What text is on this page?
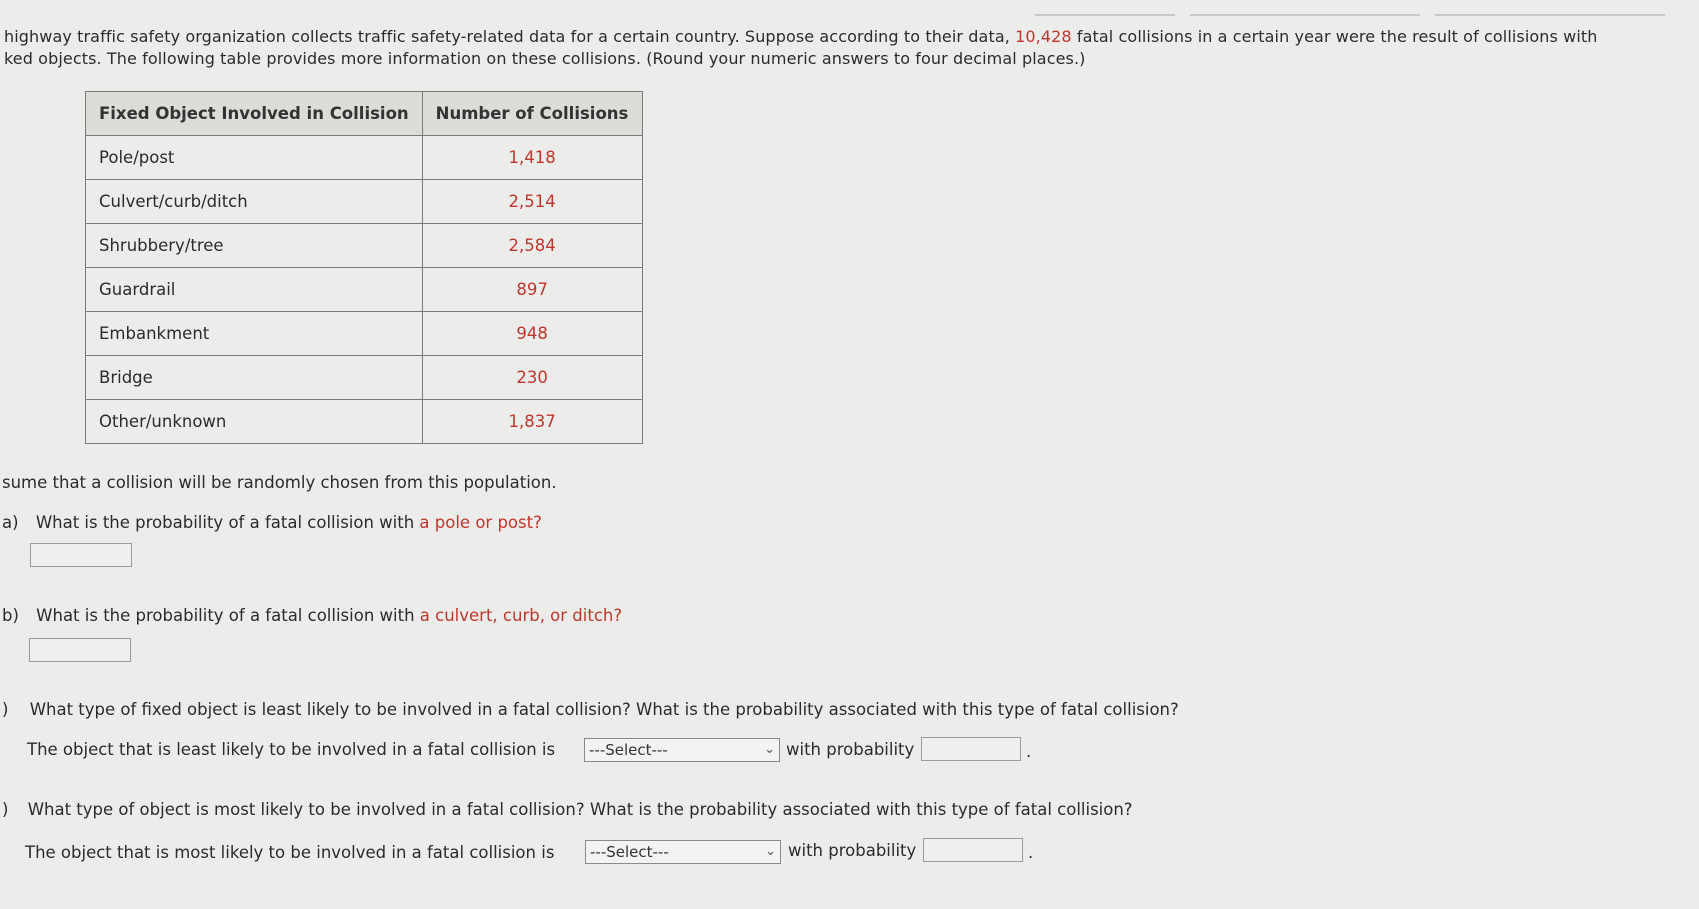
highway traffic safety organization collects traffic safety-related data for a certain country. Suppose according to their data, 10,428 fatal collisions in a certain year were the result of collisions with

ked objects. The following table provides more information on these collisions. (Round your numeric answers to four decimal places.)

Fixed Object Involved in Collision	Number of Collisions
Pole/post	1,418
Culvert/curb/ditch	2,514
Shrubbery/tree	2,584
Guardrail	897
Embankment	948
Bridge	230
Other/unknown	1,837
sume that a collision will be randomly chosen from this population.
a) What is the probability of a fatal collision with a pole or post?
b) What is the probability of a fatal collision with a culvert, curb, or ditch?
) What type of fixed object is least likely to be involved in a fatal collision? What is the probability associated with this type of fatal collision?
The object that is least likely to be involved in a fatal collision is	---Select---	⌄ with probability	.
) What type of object is most likely to be involved in a fatal collision? What is the probability associated with this type of fatal collision?
The object that is most likely to be involved in a fatal collision is	---Select---	⌄ with probability	.
